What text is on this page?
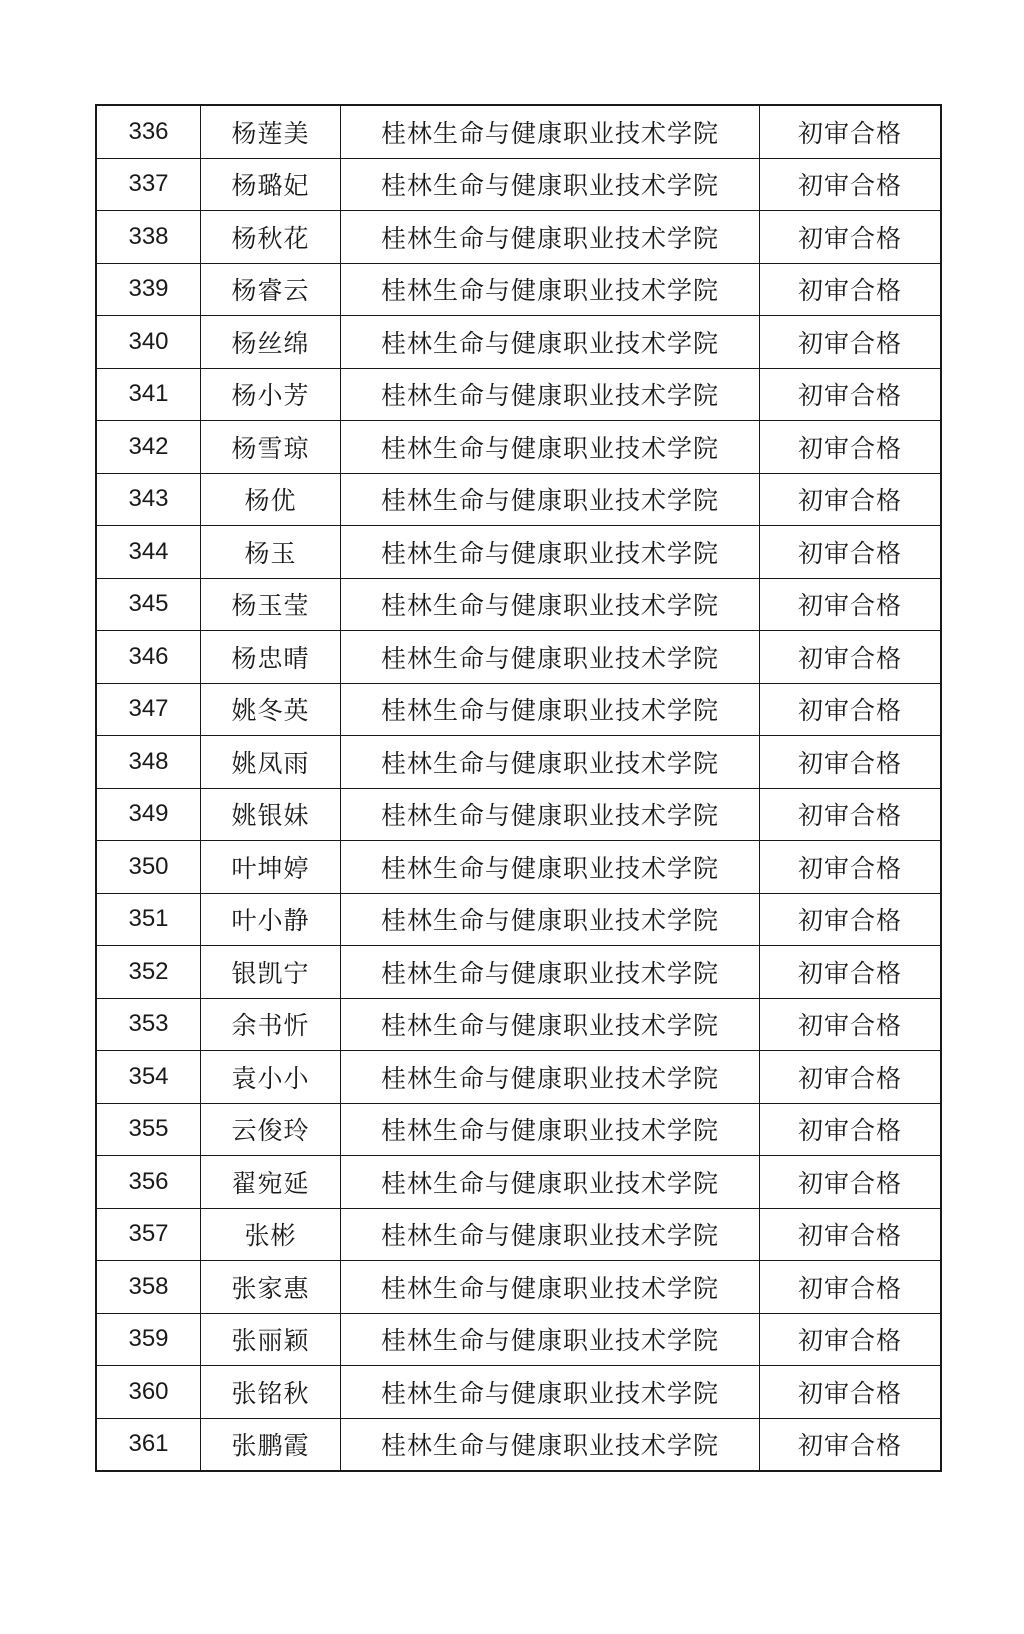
336	杨莲美	桂林生命与健康职业技术学院	初审合格
337	杨璐妃	桂林生命与健康职业技术学院	初审合格
338	杨秋花	桂林生命与健康职业技术学院	初审合格
339	杨睿云	桂林生命与健康职业技术学院	初审合格
340	杨丝绵	桂林生命与健康职业技术学院	初审合格
341	杨小芳	桂林生命与健康职业技术学院	初审合格
342	杨雪琼	桂林生命与健康职业技术学院	初审合格
343	杨优	桂林生命与健康职业技术学院	初审合格
344	杨玉	桂林生命与健康职业技术学院	初审合格
345	杨玉莹	桂林生命与健康职业技术学院	初审合格
346	杨忠晴	桂林生命与健康职业技术学院	初审合格
347	姚冬英	桂林生命与健康职业技术学院	初审合格
348	姚凤雨	桂林生命与健康职业技术学院	初审合格
349	姚银妹	桂林生命与健康职业技术学院	初审合格
350	叶坤婷	桂林生命与健康职业技术学院	初审合格
351	叶小静	桂林生命与健康职业技术学院	初审合格
352	银凯宁	桂林生命与健康职业技术学院	初审合格
353	余书忻	桂林生命与健康职业技术学院	初审合格
354	袁小小	桂林生命与健康职业技术学院	初审合格
355	云俊玲	桂林生命与健康职业技术学院	初审合格
356	翟宛延	桂林生命与健康职业技术学院	初审合格
357	张彬	桂林生命与健康职业技术学院	初审合格
358	张家惠	桂林生命与健康职业技术学院	初审合格
359	张丽颖	桂林生命与健康职业技术学院	初审合格
360	张铭秋	桂林生命与健康职业技术学院	初审合格
361	张鹏霞	桂林生命与健康职业技术学院	初审合格
